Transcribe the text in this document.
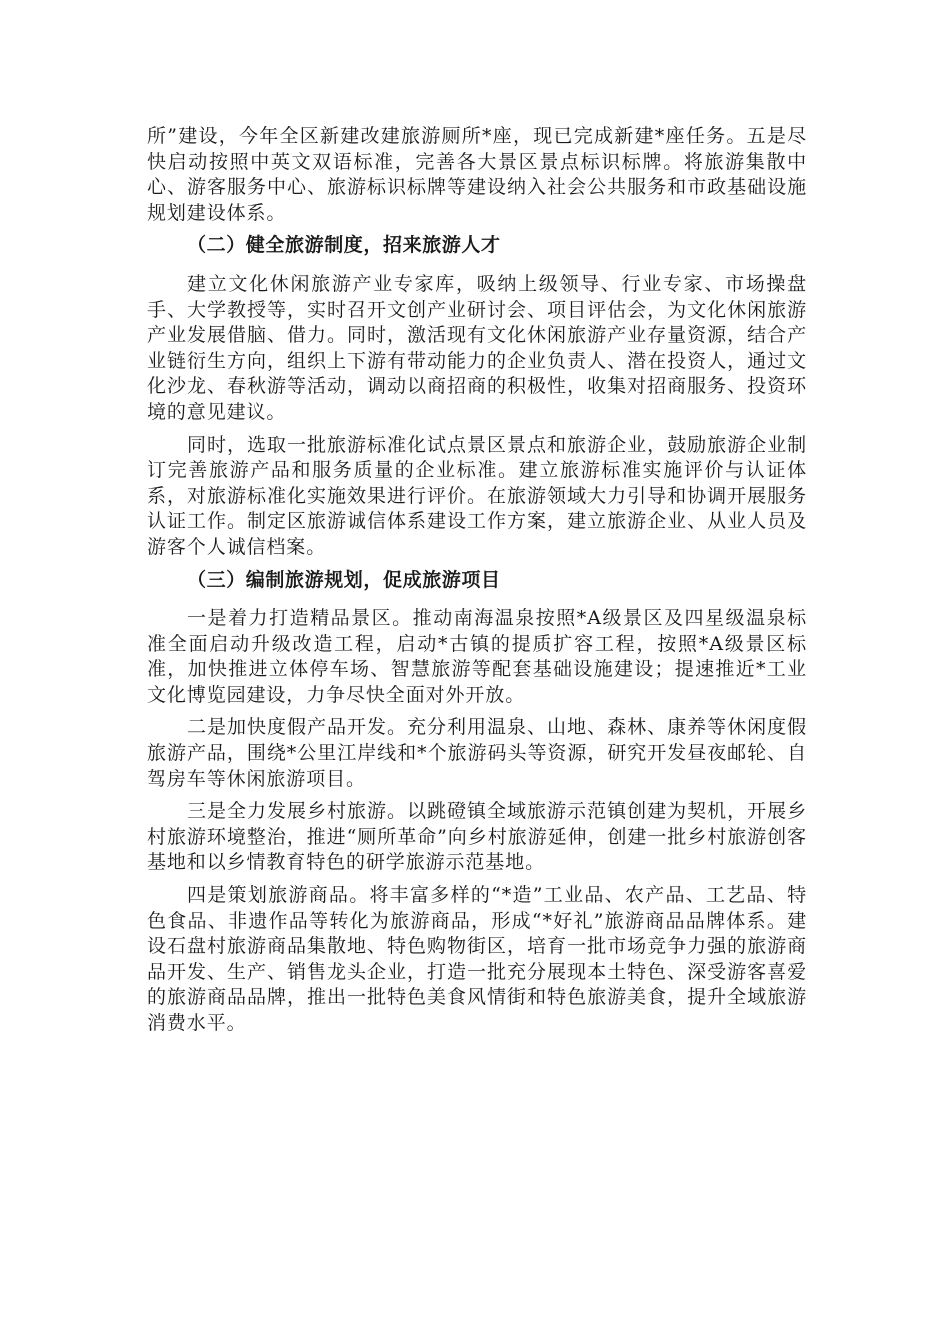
所”建设，今年全区新建改建旅游厕所*座，现已完成新建*座任务。五是尽快启动按照中英文双语标准，完善各大景区景点标识标牌。将旅游集散中心、游客服务中心、旅游标识标牌等建设纳入社会公共服务和市政基础设施规划建设体系。

（二）健全旅游制度，招来旅游人才

建立文化休闲旅游产业专家库，吸纳上级领导、行业专家、市场操盘手、大学教授等，实时召开文创产业研讨会、项目评估会，为文化休闲旅游产业发展借脑、借力。同时，激活现有文化休闲旅游产业存量资源，结合产业链衍生方向，组织上下游有带动能力的企业负责人、潜在投资人，通过文化沙龙、春秋游等活动，调动以商招商的积极性，收集对招商服务、投资环境的意见建议。

同时，选取一批旅游标准化试点景区景点和旅游企业，鼓励旅游企业制订完善旅游产品和服务质量的企业标准。建立旅游标准实施评价与认证体系，对旅游标准化实施效果进行评价。在旅游领域大力引导和协调开展服务认证工作。制定区旅游诚信体系建设工作方案，建立旅游企业、从业人员及游客个人诚信档案。

（三）编制旅游规划，促成旅游项目

一是着力打造精品景区。推动南海温泉按照*A级景区及四星级温泉标准全面启动升级改造工程，启动*古镇的提质扩容工程，按照*A级景区标准，加快推进立体停车场、智慧旅游等配套基础设施建设；提速推近*工业文化博览园建设，力争尽快全面对外开放。

二是加快度假产品开发。充分利用温泉、山地、森林、康养等休闲度假旅游产品，围绕*公里江岸线和*个旅游码头等资源，研究开发昼夜邮轮、自驾房车等休闲旅游项目。

三是全力发展乡村旅游。以跳磴镇全域旅游示范镇创建为契机，开展乡村旅游环境整治，推进“厕所革命”向乡村旅游延伸，创建一批乡村旅游创客基地和以乡情教育特色的研学旅游示范基地。

四是策划旅游商品。将丰富多样的“*造”工业品、农产品、工艺品、特色食品、非遗作品等转化为旅游商品，形成“*好礼”旅游商品品牌体系。建设石盘村旅游商品集散地、特色购物街区，培育一批市场竞争力强的旅游商品开发、生产、销售龙头企业，打造一批充分展现本土特色、深受游客喜爱的旅游商品品牌，推出一批特色美食风情街和特色旅游美食，提升全域旅游消费水平。
